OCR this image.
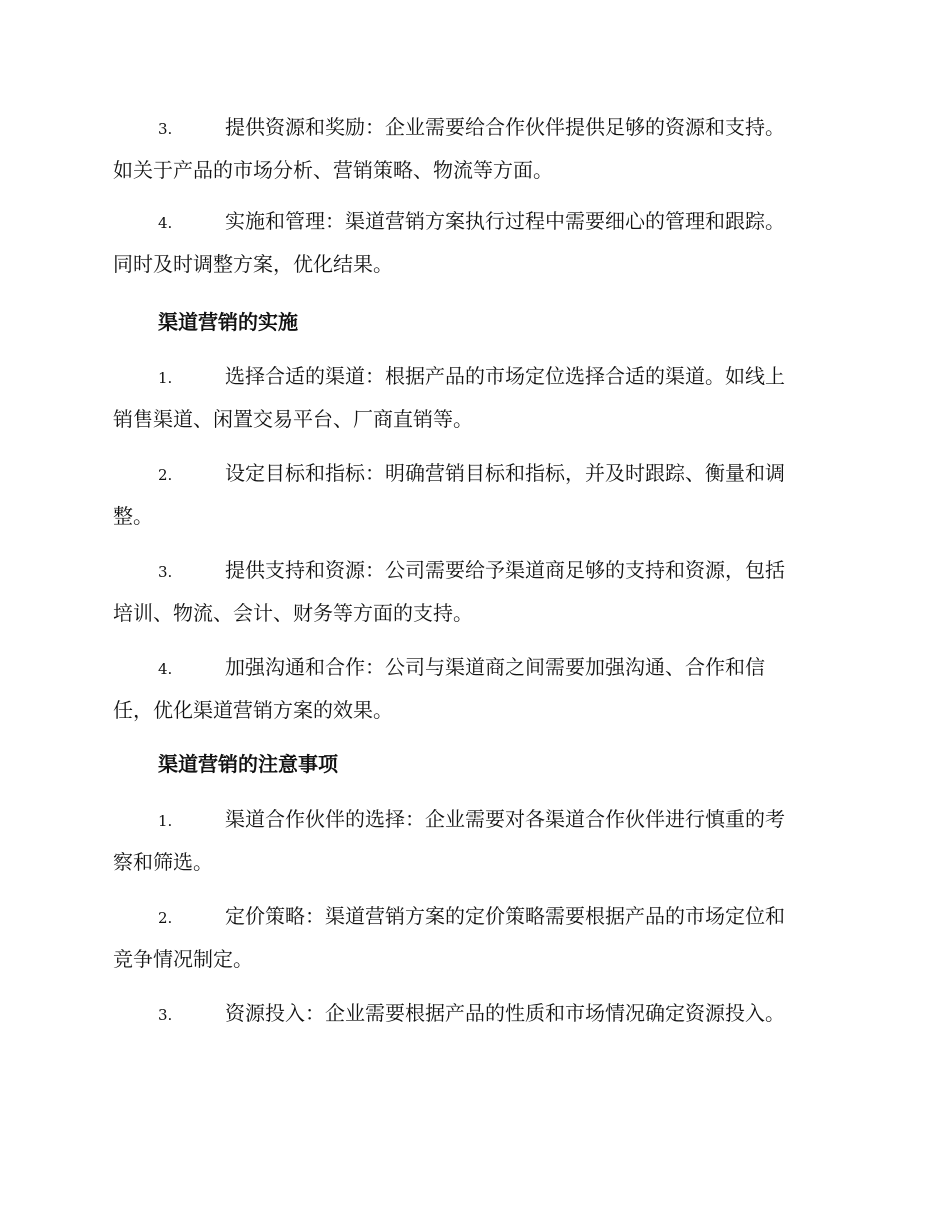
3.	提供资源和奖励：企业需要给合作伙伴提供足够的资源和支持。
如关于产品的市场分析、营销策略、物流等方面。
4.	实施和管理：渠道营销方案执行过程中需要细心的管理和跟踪。
同时及时调整方案，优化结果。
渠道营销的实施
1.	选择合适的渠道：根据产品的市场定位选择合适的渠道。如线上
销售渠道、闲置交易平台、厂商直销等。
2.	设定目标和指标：明确营销目标和指标，并及时跟踪、衡量和调
整。
3.	提供支持和资源：公司需要给予渠道商足够的支持和资源，包括
培训、物流、会计、财务等方面的支持。
4.	加强沟通和合作：公司与渠道商之间需要加强沟通、合作和信
任，优化渠道营销方案的效果。
渠道营销的注意事项
1.	渠道合作伙伴的选择：企业需要对各渠道合作伙伴进行慎重的考
察和筛选。
2.	定价策略：渠道营销方案的定价策略需要根据产品的市场定位和
竞争情况制定。
3.	资源投入：企业需要根据产品的性质和市场情况确定资源投入。
